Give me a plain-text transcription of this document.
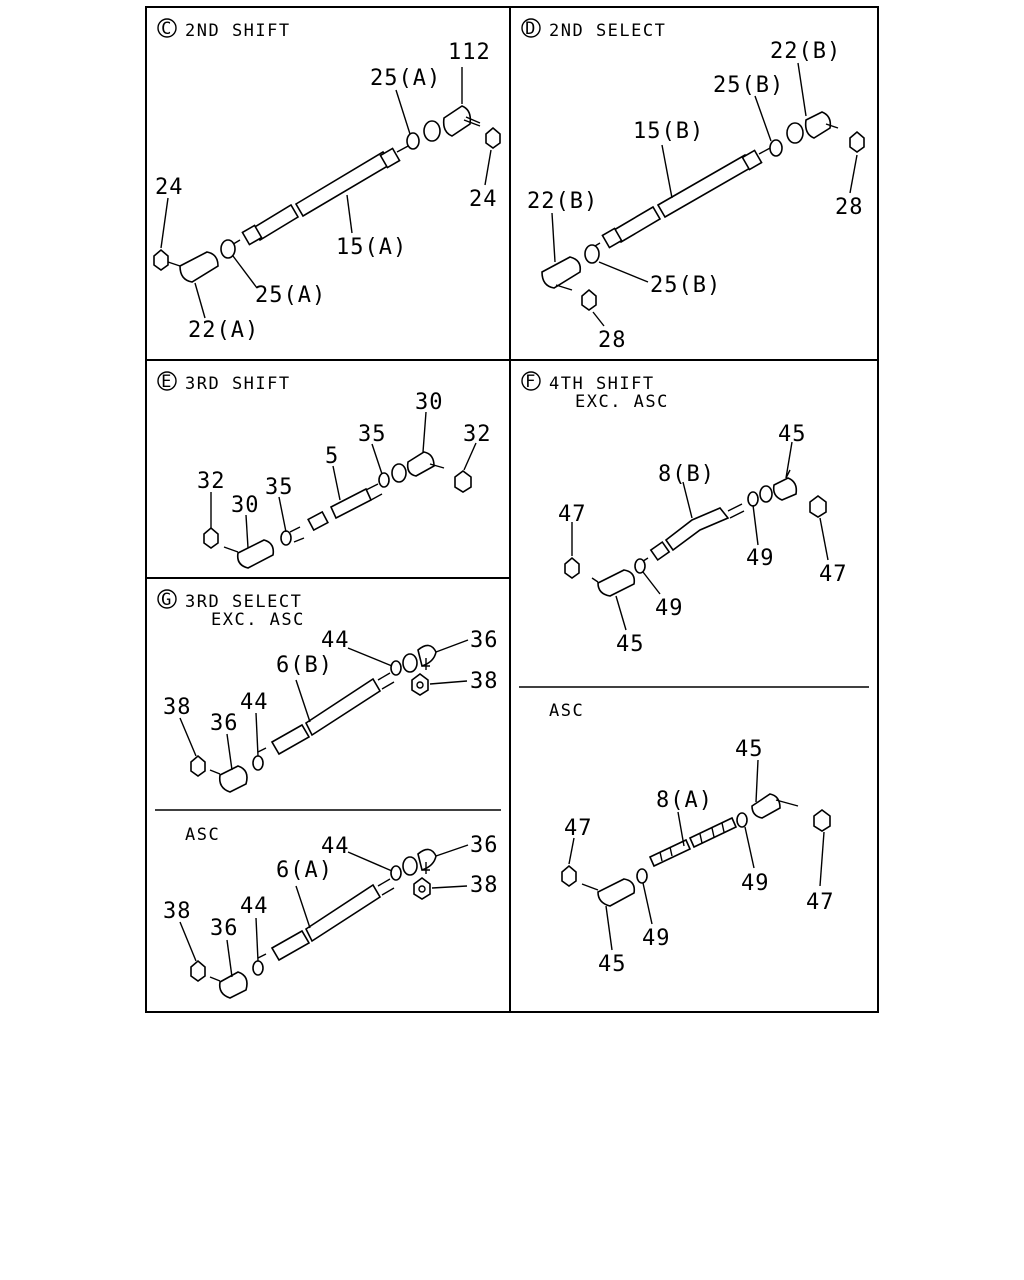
C 2ND SHIFT
112
25(A)
24
24
15(A)
25(A)
22(A)
D 2ND SELECT
22(B)
25(B)
15(B)
28
22(B)
25(B)
28
E 3RD SHIFT
30
32
35
5
32
30
35
F 4TH SHIFT
EXC. ASC
45
8(B)
47
49
47
49
45
ASC
45
8(A)
47
49
47
49
45
G 3RD SELECT
EXC. ASC
44	36
6(B)
38
38
36
44
ASC	44	36
6(A)
38
38
36
44
